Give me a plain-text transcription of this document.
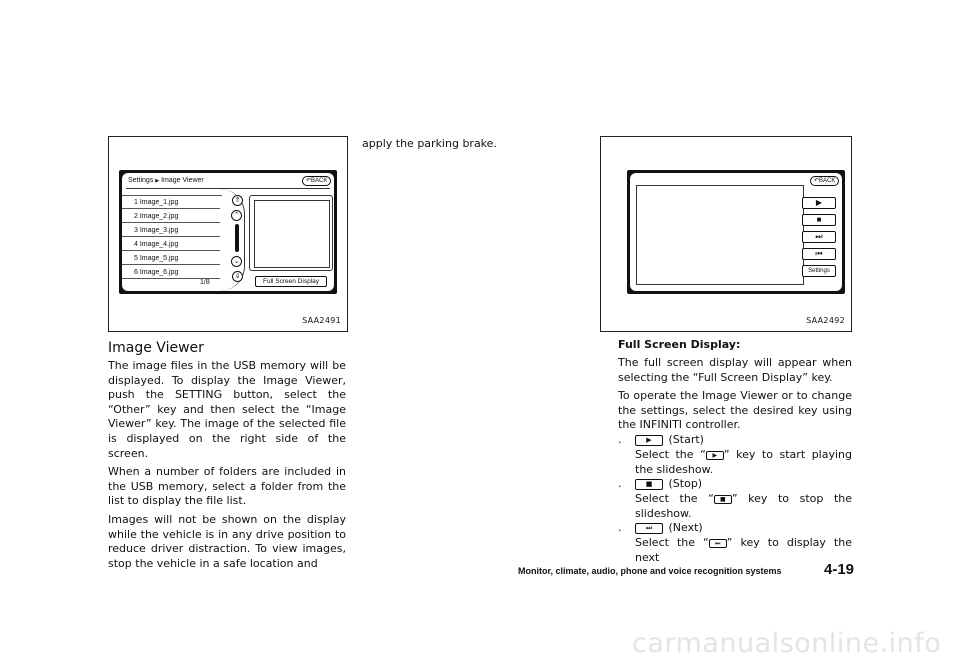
Settings ▶ Image Viewer	↶BACK
1 Image_1.jpg
2 Image_2.jpg
3 Image_3.jpg
4 Image_4.jpg
5 Image_5.jpg
6 Image_6.jpg
1/8
⇑
⌃
⌄
⇓
Full Screen Display
SAA2491
↶BACK
▶
■
⏭
⏮
Settings
SAA2492
Image Viewer

The image files in the USB memory will be displayed. To display the Image Viewer, push the SETTING button, select the “Other” key and then select the “Image Viewer” key. The image of the selected file is displayed on the right side of the screen.

When a number of folders are included in the USB memory, select a folder from the list to display the file list.

Images will not be shown on the display while the vehicle is in any drive position to reduce driver distraction. To view images, stop the vehicle in a safe location and

apply the parking brake.
Full Screen Display:

The full screen display will appear when selecting the “Full Screen Display” key.

To operate the Image Viewer or to change the settings, select the desired key using the INFINITI controller.

.	▶ (Start)
Select the “ ▶ ” key to start playing the slideshow.
.	■ (Stop)
Select the “ ■ ” key to stop the slideshow.
.	⏭ (Next)
Select the “ ⏭ ” key to display the next
Monitor, climate, audio, phone and voice recognition systems	4-19
carmanualsonline.info
